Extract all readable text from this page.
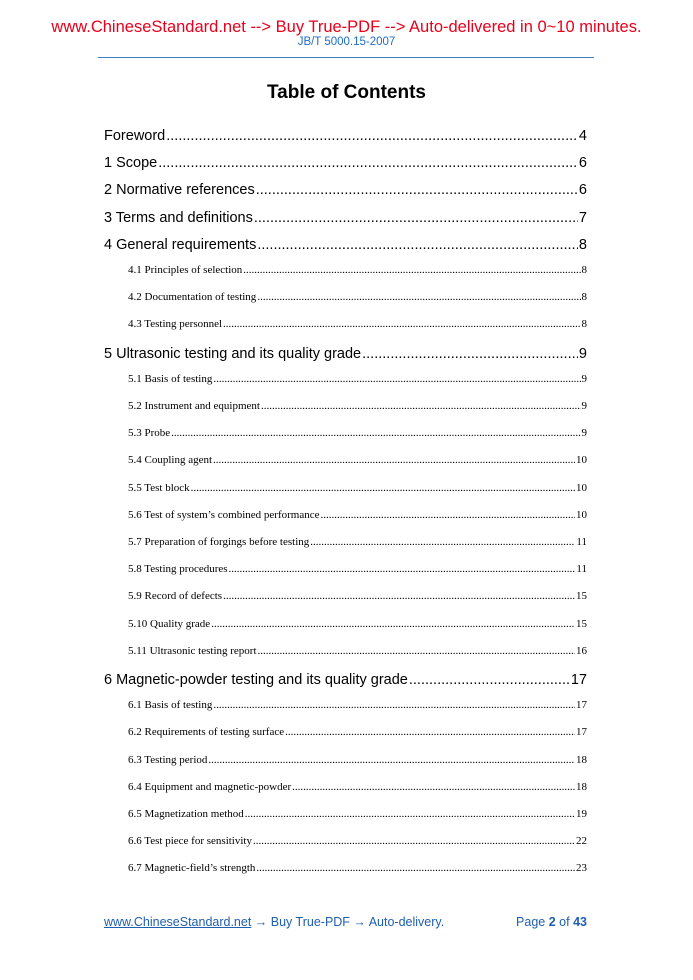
www.ChineseStandard.net --> Buy True-PDF --> Auto-delivered in 0~10 minutes.
JB/T 5000.15-2007
Table of Contents
Foreword .....	4
1 Scope .....	6
2 Normative references .....	6
3 Terms and definitions .....	7
4 General requirements .....	8
4.1 Principles of selection .....	8
4.2 Documentation of testing .....	8
4.3 Testing personnel .....	8
5 Ultrasonic testing and its quality grade .....	9
5.1 Basis of testing .....	9
5.2 Instrument and equipment .....	9
5.3 Probe .....	9
5.4 Coupling agent .....	10
5.5 Test block .....	10
5.6 Test of system’s combined performance .....	10
5.7 Preparation of forgings before testing .....	11
5.8 Testing procedures .....	11
5.9 Record of defects .....	15
5.10 Quality grade .....	15
5.11 Ultrasonic testing report .....	16
6 Magnetic-powder testing and its quality grade .....	17
6.1 Basis of testing .....	17
6.2 Requirements of testing surface .....	17
6.3 Testing period .....	18
6.4 Equipment and magnetic-powder .....	18
6.5 Magnetization method .....	19
6.6 Test piece for sensitivity .....	22
6.7 Magnetic-field’s strength .....	23
www.ChineseStandard.net → Buy True-PDF → Auto-delivery.	Page 2 of 43
